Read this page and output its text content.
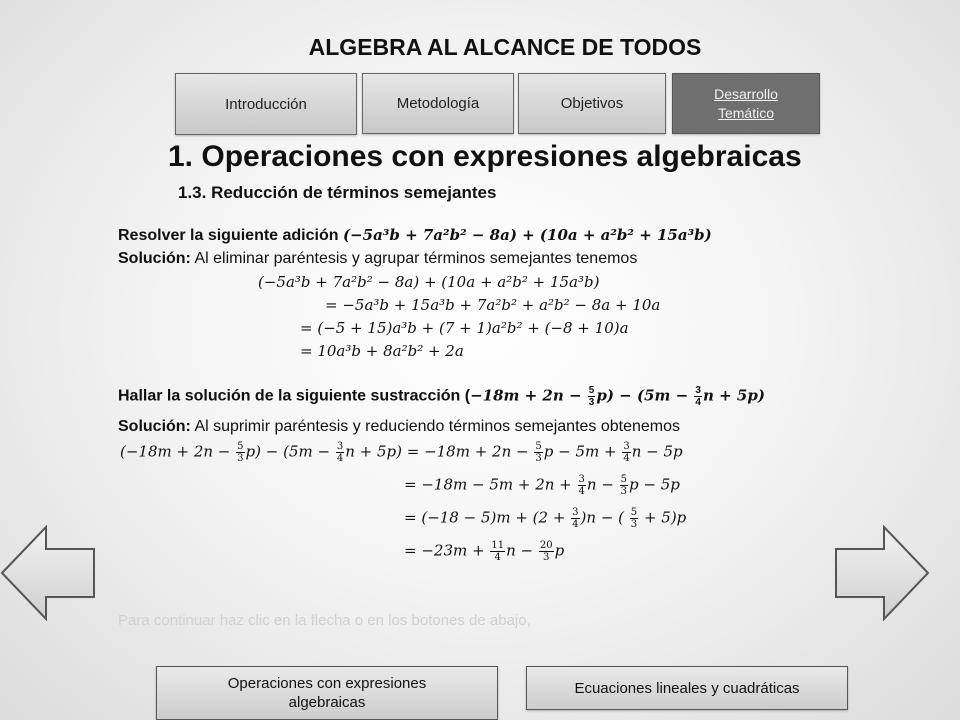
ALGEBRA AL ALCANCE DE TODOS
Introducción	Metodología	Objetivos
Desarrollo
Temático
1. Operaciones con expresiones algebraicas
1.3. Reducción de términos semejantes
Resolver la siguiente adición (−5a³b + 7a²b² − 8a) + (10a + a²b² + 15a³b)
Solución: Al eliminar paréntesis y agrupar términos semejantes tenemos
(−5a³b + 7a²b² − 8a) + (10a + a²b² + 15a³b)
= −5a³b + 15a³b + 7a²b² + a²b² − 8a + 10a
= (−5 + 15)a³b + (7 + 1)a²b² + (−8 + 10)a
= 10a³b + 8a²b² + 2a
Hallar la solución de la siguiente sustracción $(-18m + 2n - \frac{5}{3} p) - (5m - \frac{3}{4}$ n + 5p)
Solución: Al suprimir paréntesis y reduciendo términos semejantes obtenemos
$(-18m + 2n - \frac{5}{3} p) - (5m - \frac{3}{4}$ $n + 5p) = -18m + 2n - \frac{5}{3}$ $p - 5m + \frac{3}{4}$ n − 5p
= $-18m - 5m + 2n + \frac{3}{4}$ $n - \frac{5}{3}$ p − 5p
= $(-18 - 5)m + (2 + \frac{3}{4} )n$ − ( $\frac{5}{3} + 5)p$
= $-23m + \frac{11}{4}$ $n - \frac{20}{3}$ p
Para continuar haz clic en la flecha o en los botones de abajo,
Operaciones con expresiones
algebraicas
Ecuaciones lineales y cuadráticas
